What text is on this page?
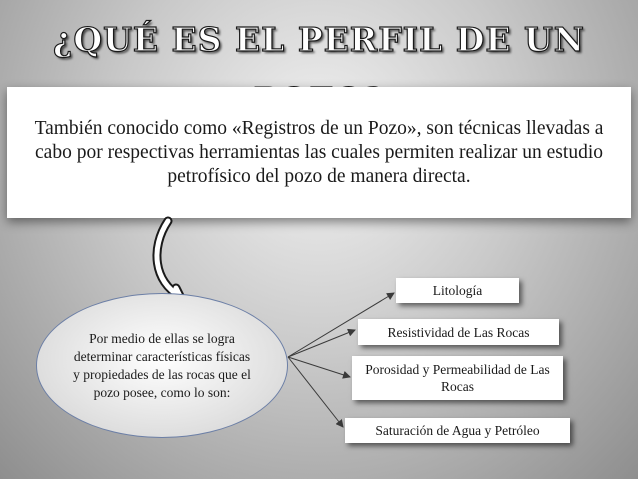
¿QUÉ ES EL PERFIL DE UN
También conocido como «Registros de un Pozo», son técnicas llevadas a cabo por respectivas herramientas las cuales permiten realizar un estudio petrofísico del pozo de manera directa.
Por medio de ellas se logra determinar características físicas y propiedades de las rocas que el pozo posee, como lo son:
Litología
Resistividad de Las Rocas
Porosidad y Permeabilidad de Las Rocas
Saturación de Agua y Petróleo
